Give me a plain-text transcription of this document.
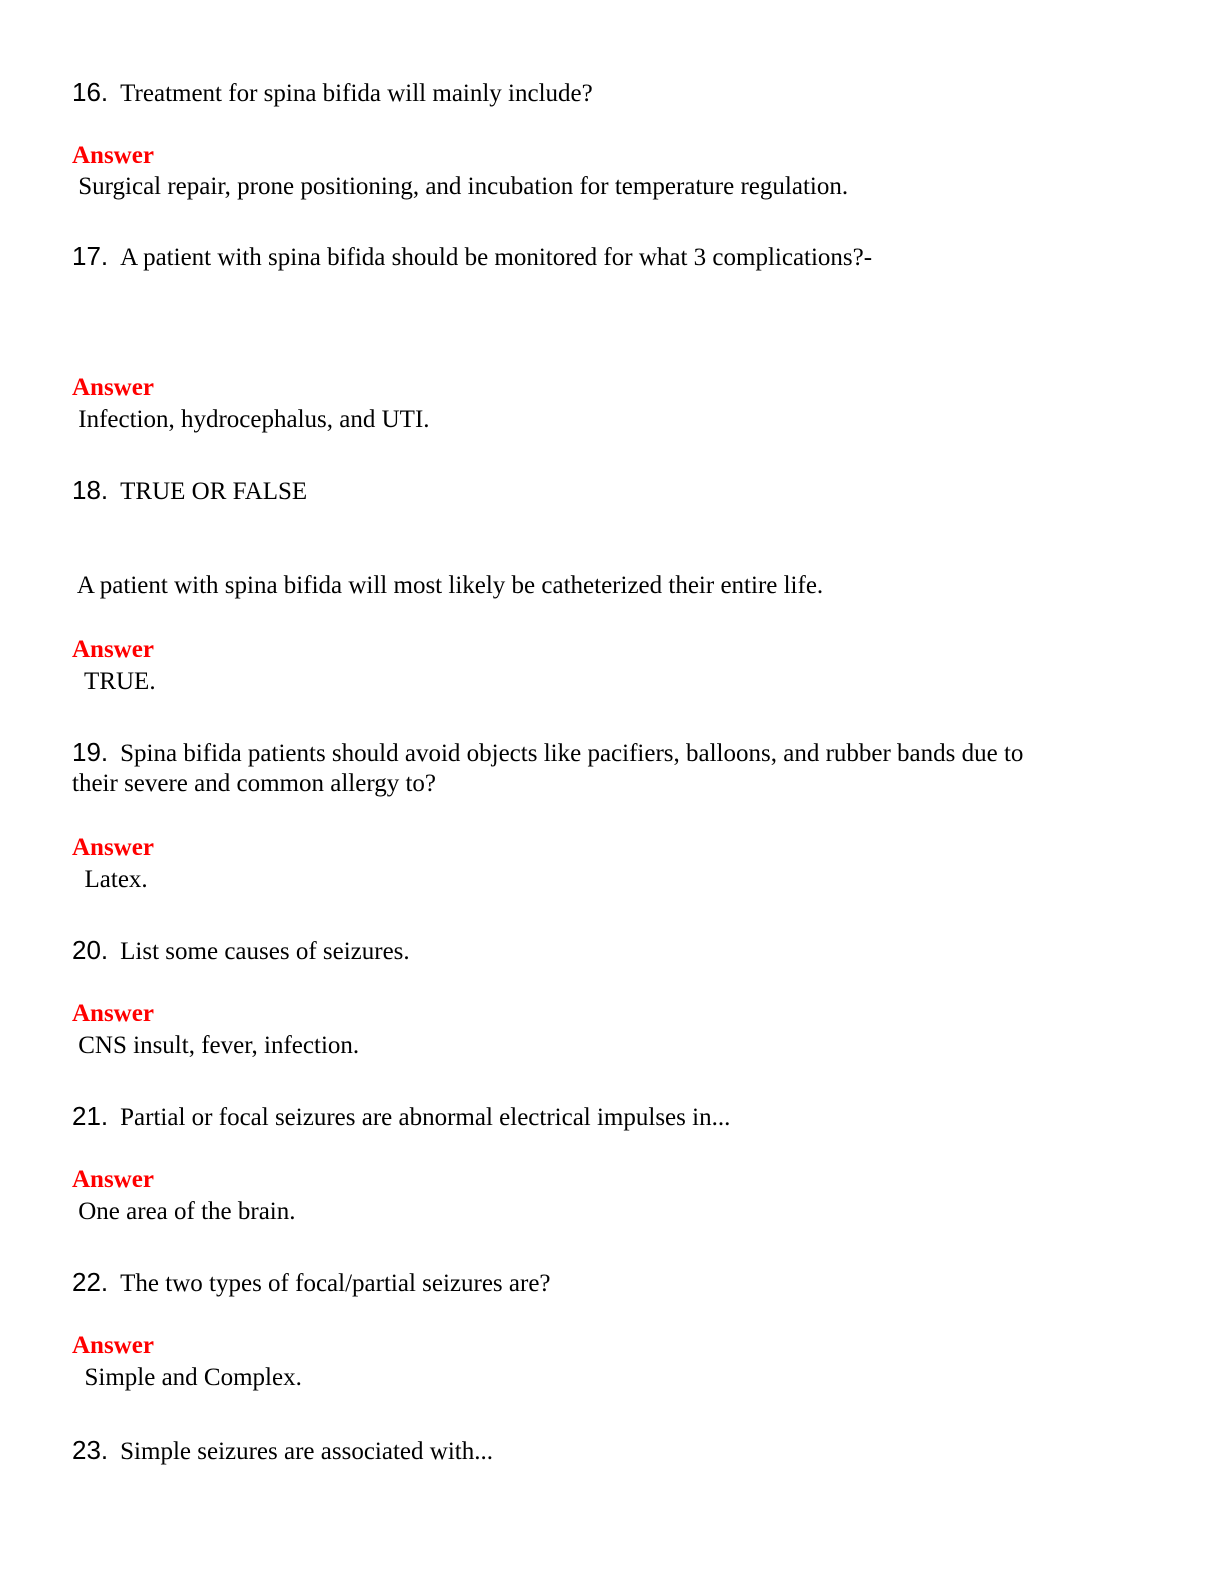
16. Treatment for spina bifida will mainly include?
Answer
Surgical repair, prone positioning, and incubation for temperature regulation.
17. A patient with spina bifida should be monitored for what 3 complications?-
Answer
Infection, hydrocephalus, and UTI.
18. TRUE OR FALSE
A patient with spina bifida will most likely be catheterized their entire life.
Answer
TRUE.
19. Spina bifida patients should avoid objects like pacifiers, balloons, and rubber bands due to
their severe and common allergy to?
Answer
Latex.
20. List some causes of seizures.
Answer
CNS insult, fever, infection.
21. Partial or focal seizures are abnormal electrical impulses in...
Answer
One area of the brain.
22. The two types of focal/partial seizures are?
Answer
Simple and Complex.
23. Simple seizures are associated with...
